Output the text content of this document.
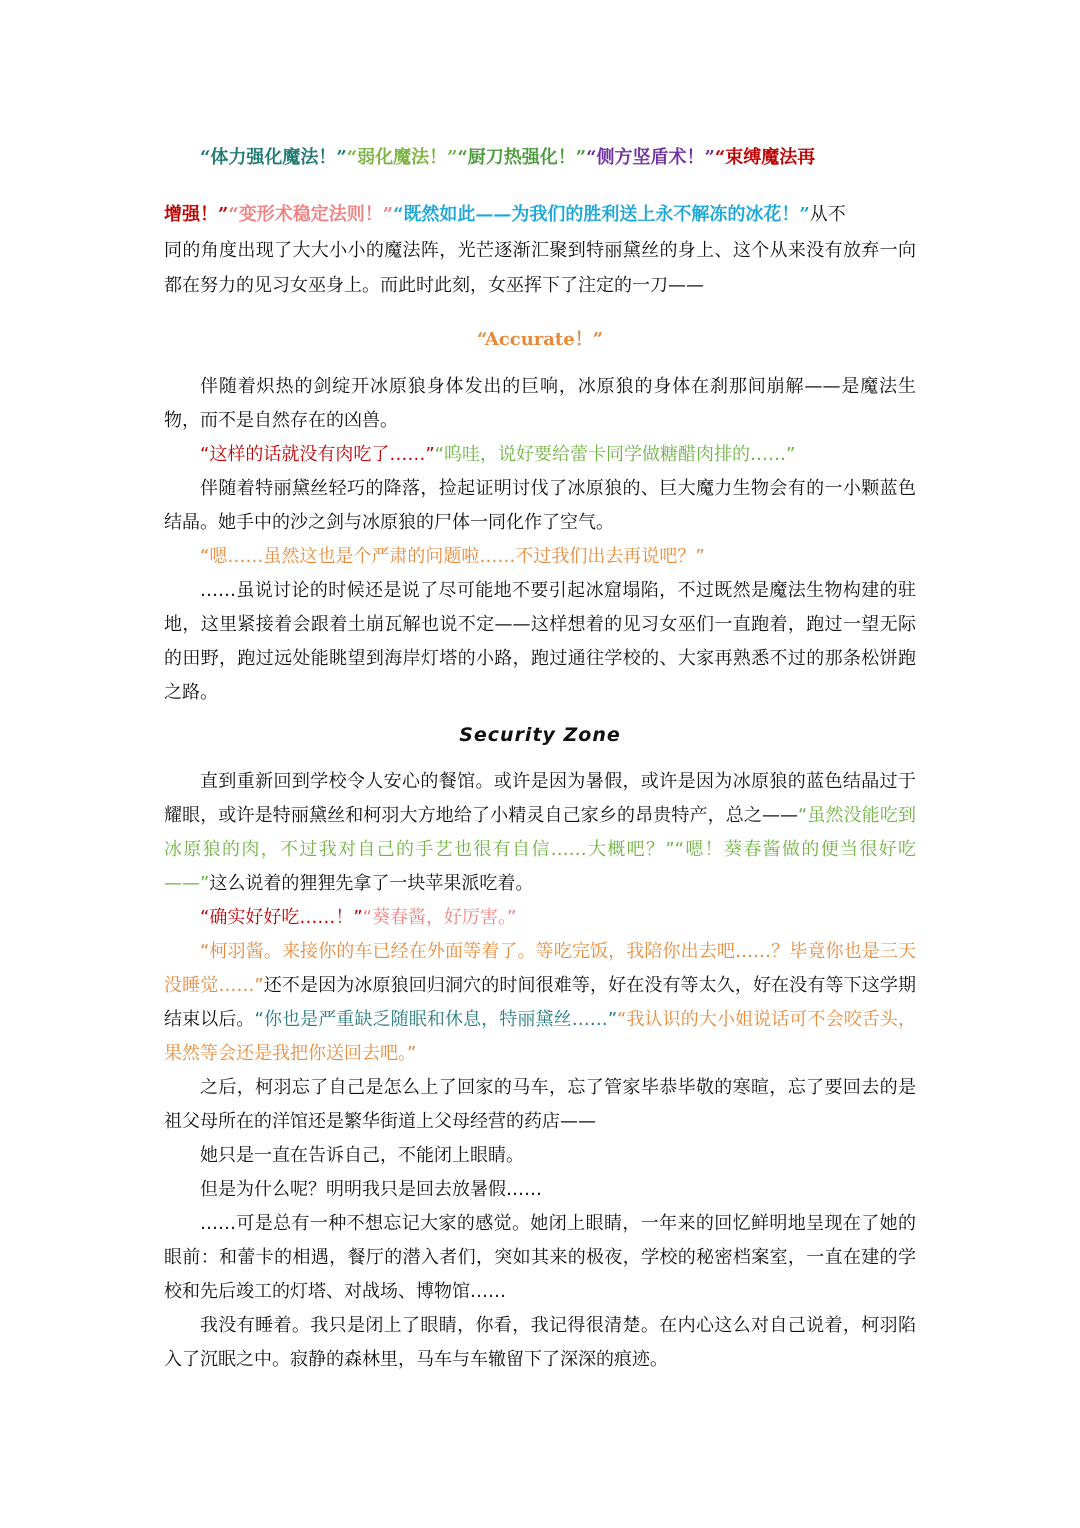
“体力强化魔法！”“弱化魔法！”“厨刀热强化！”“侧方坚盾术！”“束缚魔法再

增强！”“变形术稳定法则！”“既然如此——为我们的胜利送上永不解冻的冰花！”从不

同的角度出现了大大小小的魔法阵，光芒逐渐汇聚到特丽黛丝的身上、这个从来没有放弃一向都在努力的见习女巫身上。而此时此刻，女巫挥下了注定的一刀——

“Accurate！”

伴随着炽热的剑绽开冰原狼身体发出的巨响，冰原狼的身体在刹那间崩解——是魔法生物，而不是自然存在的凶兽。

“这样的话就没有肉吃了……”“呜哇，说好要给蕾卡同学做糖醋肉排的……”

伴随着特丽黛丝轻巧的降落，捡起证明讨伐了冰原狼的、巨大魔力生物会有的一小颗蓝色结晶。她手中的沙之剑与冰原狼的尸体一同化作了空气。

“嗯……虽然这也是个严肃的问题啦……不过我们出去再说吧？”

……虽说讨论的时候还是说了尽可能地不要引起冰窟塌陷，不过既然是魔法生物构建的驻地，这里紧接着会跟着土崩瓦解也说不定——这样想着的见习女巫们一直跑着，跑过一望无际的田野，跑过远处能眺望到海岸灯塔的小路，跑过通往学校的、大家再熟悉不过的那条松饼跑之路。

Security Zone

直到重新回到学校令人安心的餐馆。或许是因为暑假，或许是因为冰原狼的蓝色结晶过于耀眼，或许是特丽黛丝和柯羽大方地给了小精灵自己家乡的昂贵特产，总之——“虽然没能吃到冰原狼的肉，不过我对自己的手艺也很有自信……大概吧？”“嗯！葵春酱做的便当很好吃——”这么说着的狸狸先拿了一块苹果派吃着。

“确实好好吃……！”“葵春酱，好厉害。”

“柯羽酱。来接你的车已经在外面等着了。等吃完饭，我陪你出去吧……？毕竟你也是三天没睡觉……”还不是因为冰原狼回归洞穴的时间很难等，好在没有等太久，好在没有等下这学期结束以后。“你也是严重缺乏随眠和休息，特丽黛丝……”“我认识的大小姐说话可不会咬舌头，果然等会还是我把你送回去吧。”

之后，柯羽忘了自己是怎么上了回家的马车，忘了管家毕恭毕敬的寒暄，忘了要回去的是祖父母所在的洋馆还是繁华街道上父母经营的药店——

她只是一直在告诉自己，不能闭上眼睛。

但是为什么呢？明明我只是回去放暑假……

……可是总有一种不想忘记大家的感觉。她闭上眼睛，一年来的回忆鲜明地呈现在了她的眼前：和蕾卡的相遇，餐厅的潜入者们，突如其来的极夜，学校的秘密档案室，一直在建的学校和先后竣工的灯塔、对战场、博物馆……

我没有睡着。我只是闭上了眼睛，你看，我记得很清楚。在内心这么对自己说着，柯羽陷入了沉眠之中。寂静的森林里，马车与车辙留下了深深的痕迹。
